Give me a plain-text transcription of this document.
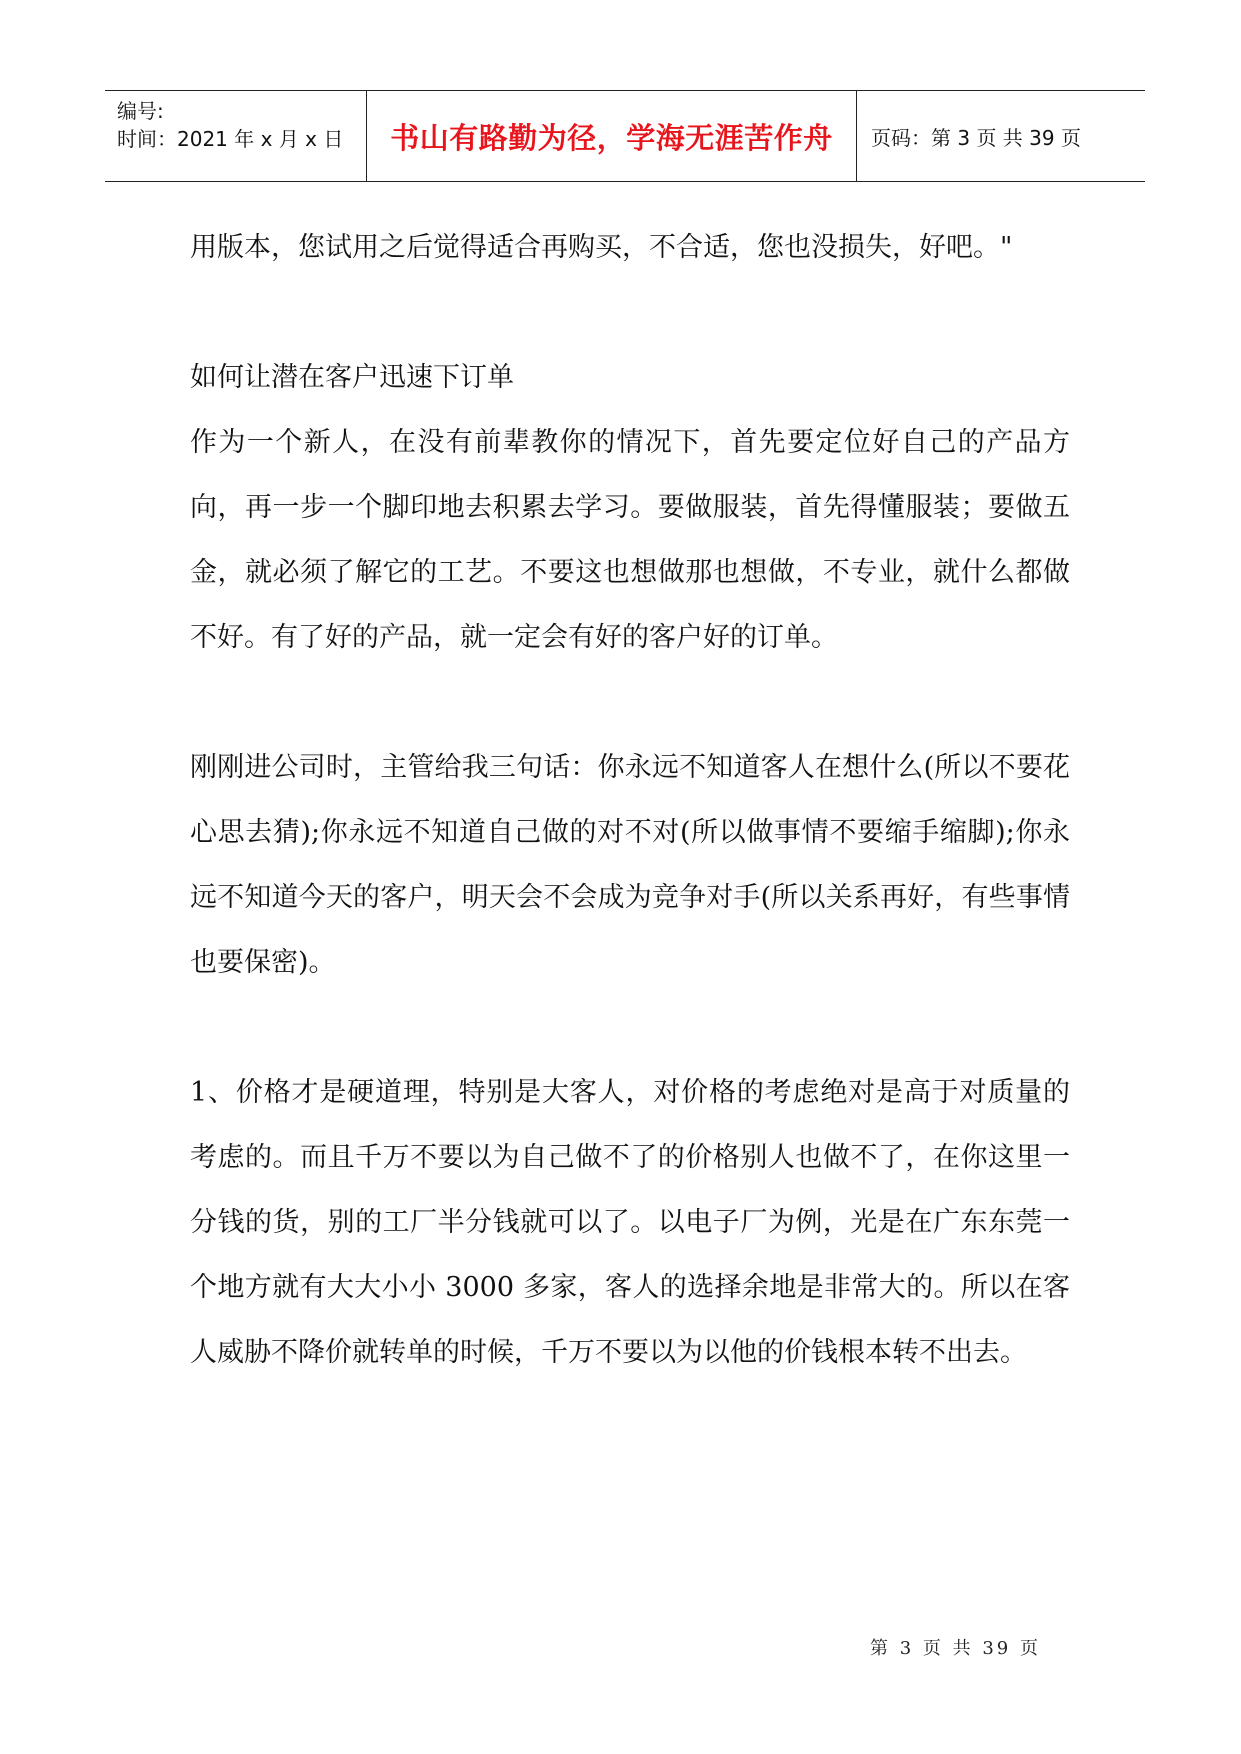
编号:
时间：2021 年 x 月 x 日	书山有路勤为径，学海无涯苦作舟	页码：第 3 页 共 39 页

用版本，您试用之后觉得适合再购买，不合适，您也没损失，好吧。"

如何让潜在客户迅速下订单

作为一个新人，在没有前辈教你的情况下，首先要定位好自己的产品方向，再一步一个脚印地去积累去学习。要做服装，首先得懂服装；要做五金，就必须了解它的工艺。不要这也想做那也想做，不专业，就什么都做不好。有了好的产品，就一定会有好的客户好的订单。

刚刚进公司时，主管给我三句话：你永远不知道客人在想什么(所以不要花心思去猜);你永远不知道自己做的对不对(所以做事情不要缩手缩脚);你永远不知道今天的客户，明天会不会成为竞争对手(所以关系再好，有些事情也要保密)。

1、价格才是硬道理，特别是大客人，对价格的考虑绝对是高于对质量的考虑的。而且千万不要以为自己做不了的价格别人也做不了，在你这里一分钱的货，别的工厂半分钱就可以了。以电子厂为例，光是在广东东莞一个地方就有大大小小 3000 多家，客人的选择余地是非常大的。所以在客人威胁不降价就转单的时候，千万不要以为以他的价钱根本转不出去。

第 3 页 共 39 页
